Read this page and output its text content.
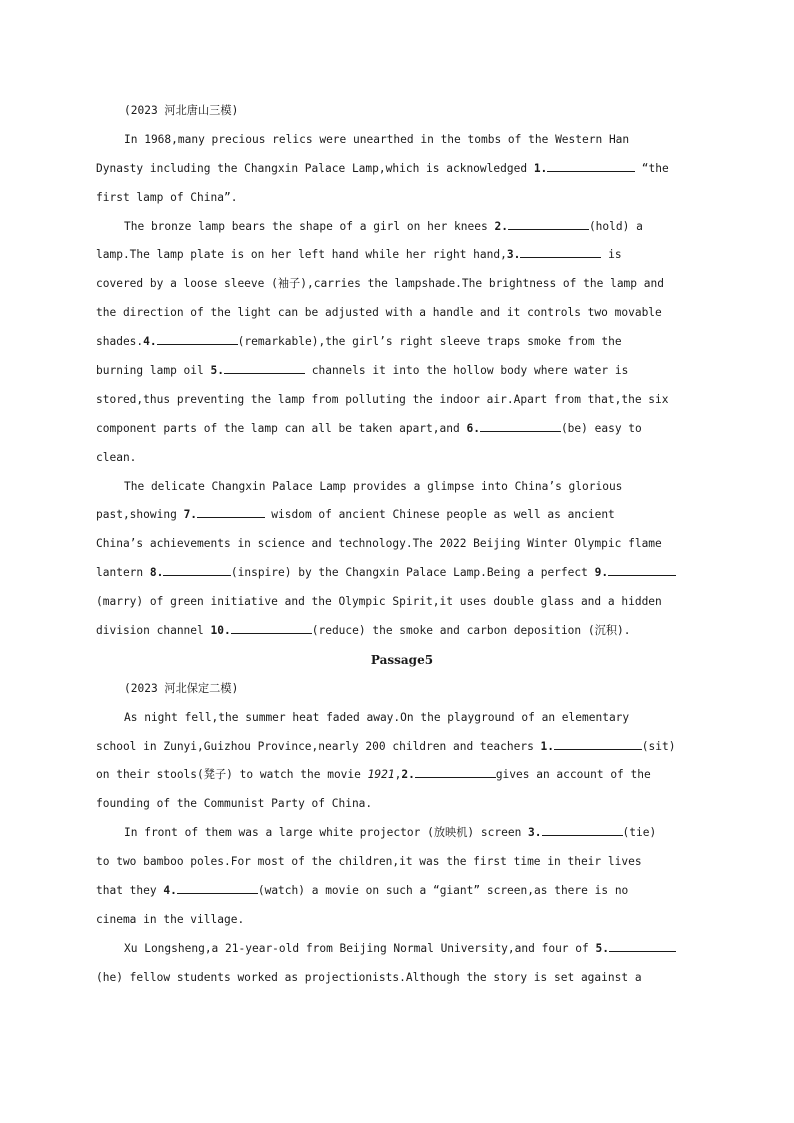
(2023 河北唐山三模)
In 1968,many precious relics were unearthed in the tombs of the Western Han
Dynasty including the Changxin Palace Lamp,which is acknowledged 1.	“the
first lamp of China”.
The bronze lamp bears the shape of a girl on her knees 2.	(hold) a
lamp.The lamp plate is on her left hand while her right hand,3.	is
covered by a loose sleeve (袖子),carries the lampshade.The brightness of the lamp and
the direction of the light can be adjusted with a handle and it controls two movable
shades.4.	(remarkable),the girl’s right sleeve traps smoke from the
burning lamp oil 5.	channels it into the hollow body where water is
stored,thus preventing the lamp from polluting the indoor air.Apart from that,the six
component parts of the lamp can all be taken apart,and 6.	(be) easy to
clean.
The delicate Changxin Palace Lamp provides a glimpse into China’s glorious
past,showing 7.	wisdom of ancient Chinese people as well as ancient
China’s achievements in science and technology.The 2022 Beijing Winter Olympic flame
lantern 8.	(inspire) by the Changxin Palace Lamp.Being a perfect 9.
(marry) of green initiative and the Olympic Spirit,it uses double glass and a hidden
division channel 10.	(reduce) the smoke and carbon deposition (沉积).
Passage5
(2023 河北保定二模)
As night fell,the summer heat faded away.On the playground of an elementary
school in Zunyi,Guizhou Province,nearly 200 children and teachers 1.	(sit)
on their stools(凳子) to watch the movie 1921,2.	gives an account of the
founding of the Communist Party of China.
In front of them was a large white projector (放映机) screen 3.	(tie)
to two bamboo poles.For most of the children,it was the first time in their lives
that they 4.	(watch) a movie on such a “giant” screen,as there is no
cinema in the village.
Xu Longsheng,a 21-year-old from Beijing Normal University,and four of 5.
(he) fellow students worked as projectionists.Although the story is set against a
